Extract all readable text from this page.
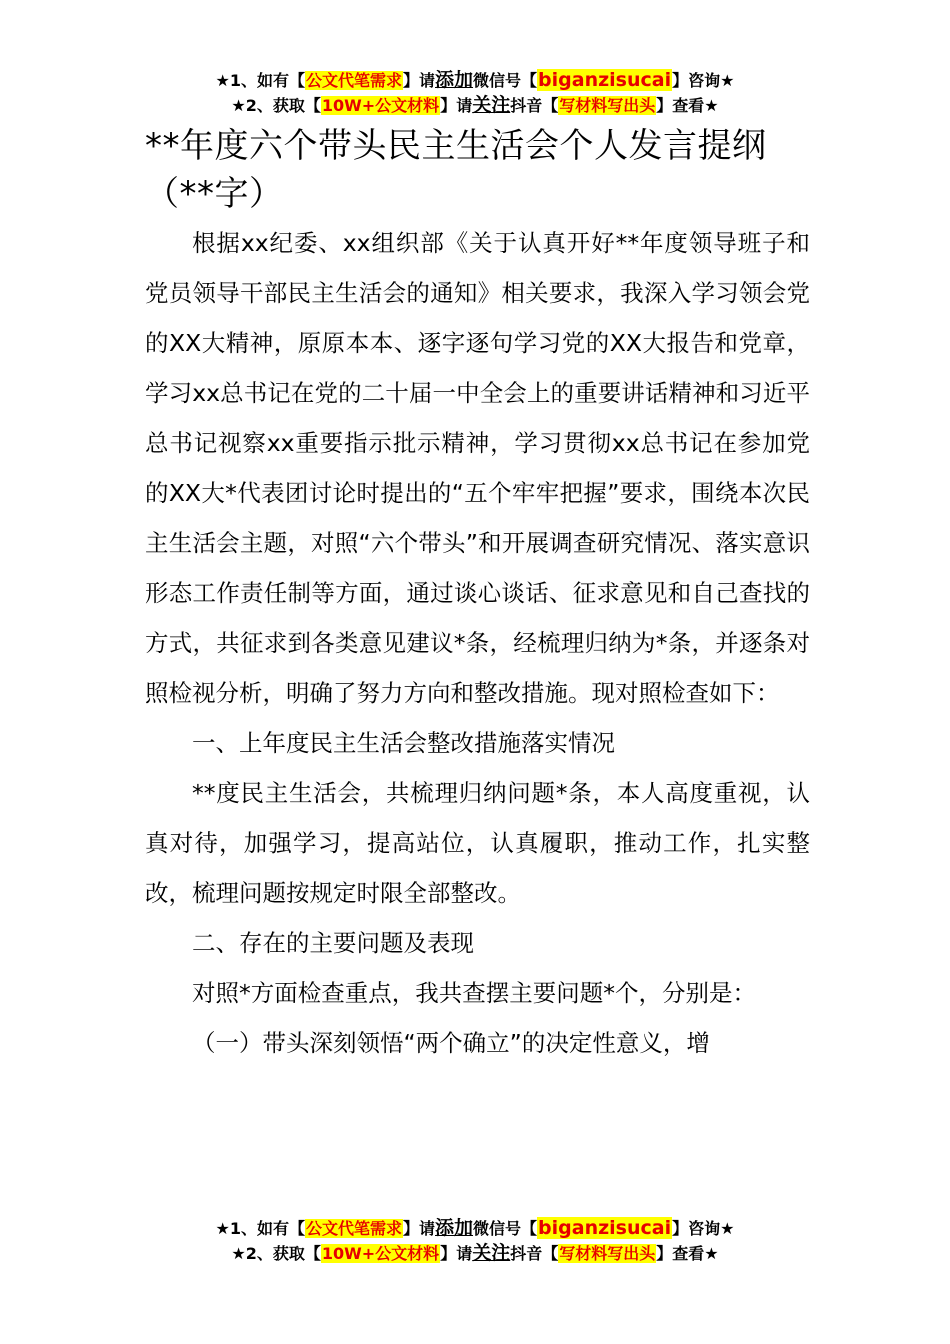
★1、如有【公文代笔需求】请添加微信号【biganzisucai】咨询★
★2、获取【10W+公文材料】请关注抖音【写材料写出头】查看★
**年度六个带头民主生活会个人发言提纲（**字）

根据xx纪委、xx组织部《关于认真开好**年度领导班子和党员领导干部民主生活会的通知》相关要求，我深入学习领会党的XX大精神，原原本本、逐字逐句学习党的XX大报告和党章，学习xx总书记在党的二十届一中全会上的重要讲话精神和习近平总书记视察xx重要指示批示精神，学习贯彻xx总书记在参加党的XX大*代表团讨论时提出的“五个牢牢把握”要求，围绕本次民主生活会主题，对照“六个带头”和开展调查研究情况、落实意识形态工作责任制等方面，通过谈心谈话、征求意见和自己查找的方式，共征求到各类意见建议*条，经梳理归纳为*条，并逐条对照检视分析，明确了努力方向和整改措施。现对照检查如下：

一、上年度民主生活会整改措施落实情况

**度民主生活会，共梳理归纳问题*条，本人高度重视，认真对待，加强学习，提高站位，认真履职，推动工作，扎实整改，梳理问题按规定时限全部整改。

二、存在的主要问题及表现

对照*方面检查重点，我共查摆主要问题*个，分别是：

（一）带头深刻领悟“两个确立”的决定性意义，增

★1、如有【公文代笔需求】请添加微信号【biganzisucai】咨询★
★2、获取【10W+公文材料】请关注抖音【写材料写出头】查看★
